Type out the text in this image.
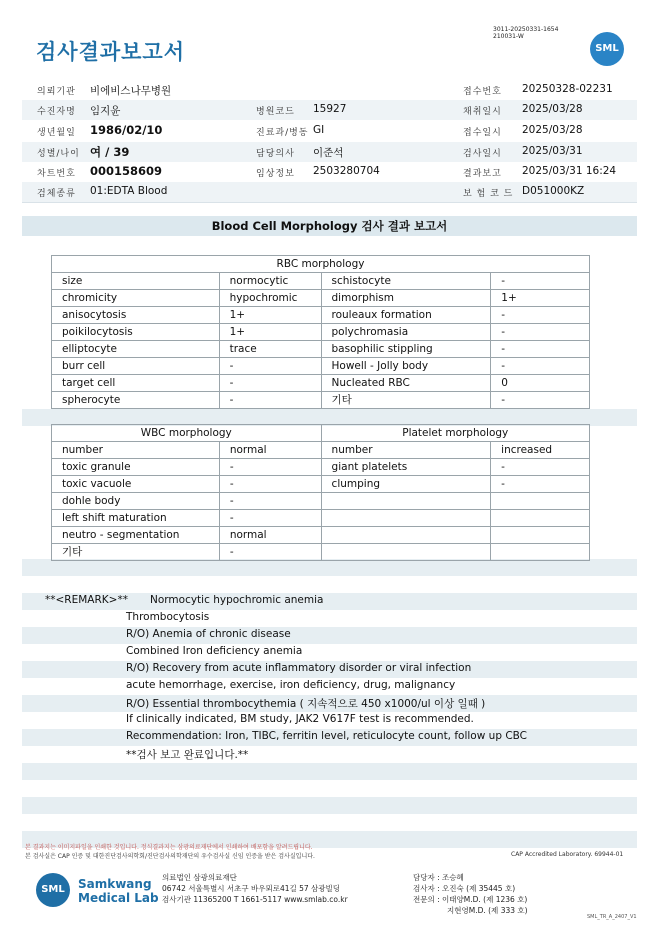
검사결과보고서
3011-20250331-1654
210031-W
SML
의뢰기관 비에비스나무병원	접수번호 20250328-02231
수진자명 임지윤	병원코드 15927	채취일시 2025/03/28
생년월일 1986/02/10	진료과/병동 GI	접수일시 2025/03/28
성별/나이 여 / 39	담당의사 이준석	검사일시 2025/03/31
차트번호 000158609	임상정보 2503280704	결과보고 2025/03/31 16:24
검체종류 01:EDTA Blood	보 험 코 드 D051000KZ
Blood Cell Morphology 검사 결과 보고서
RBC morphology			
size	normocytic	schistocyte	-
chromicity	hypochromic	dimorphism	1+
anisocytosis	1+	rouleaux formation	-
poikilocytosis	1+	polychromasia	-
elliptocyte	trace	basophilic stippling	-
burr cell	-	Howell - Jolly body	-
target cell	-	Nucleated RBC	0
spherocyte	-	기타	-
WBC morphology		Platelet morphology	
number	normal	number	increased
toxic granule	-	giant platelets	-
toxic vacuole	-	clumping	-
dohle body	-		
left shift maturation	-		
neutro - segmentation	normal		
기타	-		
**<REMARK>** Normocytic hypochromic anemia
Thrombocytosis
R/O) Anemia of chronic disease
Combined Iron deficiency anemia
R/O) Recovery from acute inflammatory disorder or viral infection
acute hemorrhage, exercise, iron deficiency, drug, malignancy
R/O) Essential thrombocythemia ( 지속적으로 450 x1000/ul 이상 일때 )
If clinically indicated, BM study, JAK2 V617F test is recommended.
Recommendation: Iron, TIBC, ferritin level, reticulocyte count, follow up CBC
**검사 보고 완료입니다.**
본 결과지는 이미지파일을 인쇄한 것입니다. 정식결과지는 삼광의료재단에서 인쇄하여 배포함을 알려드립니다.
본 검사실은 CAP 인증 및 대한진단검사의학회/진단검사의학재단의 우수검사실 신임 인증을 받은 검사실입니다.	CAP Accredited Laboratory. 69944-01
SML	Samkwang
Medical Lab
의료법인 삼광의료재단
06742 서울특별시 서초구 바우뫼로41길 57 삼광빌딩
검사기관 11365200 T 1661-5117 www.smlab.co.kr
담당자 : 조승혜
검사자 : 오진숙 (제 35445 호)
전문의 : 이태양M.D. (제 1236 호)
지현영M.D. (제 333 호)
SML_TR_A_2407_V1
